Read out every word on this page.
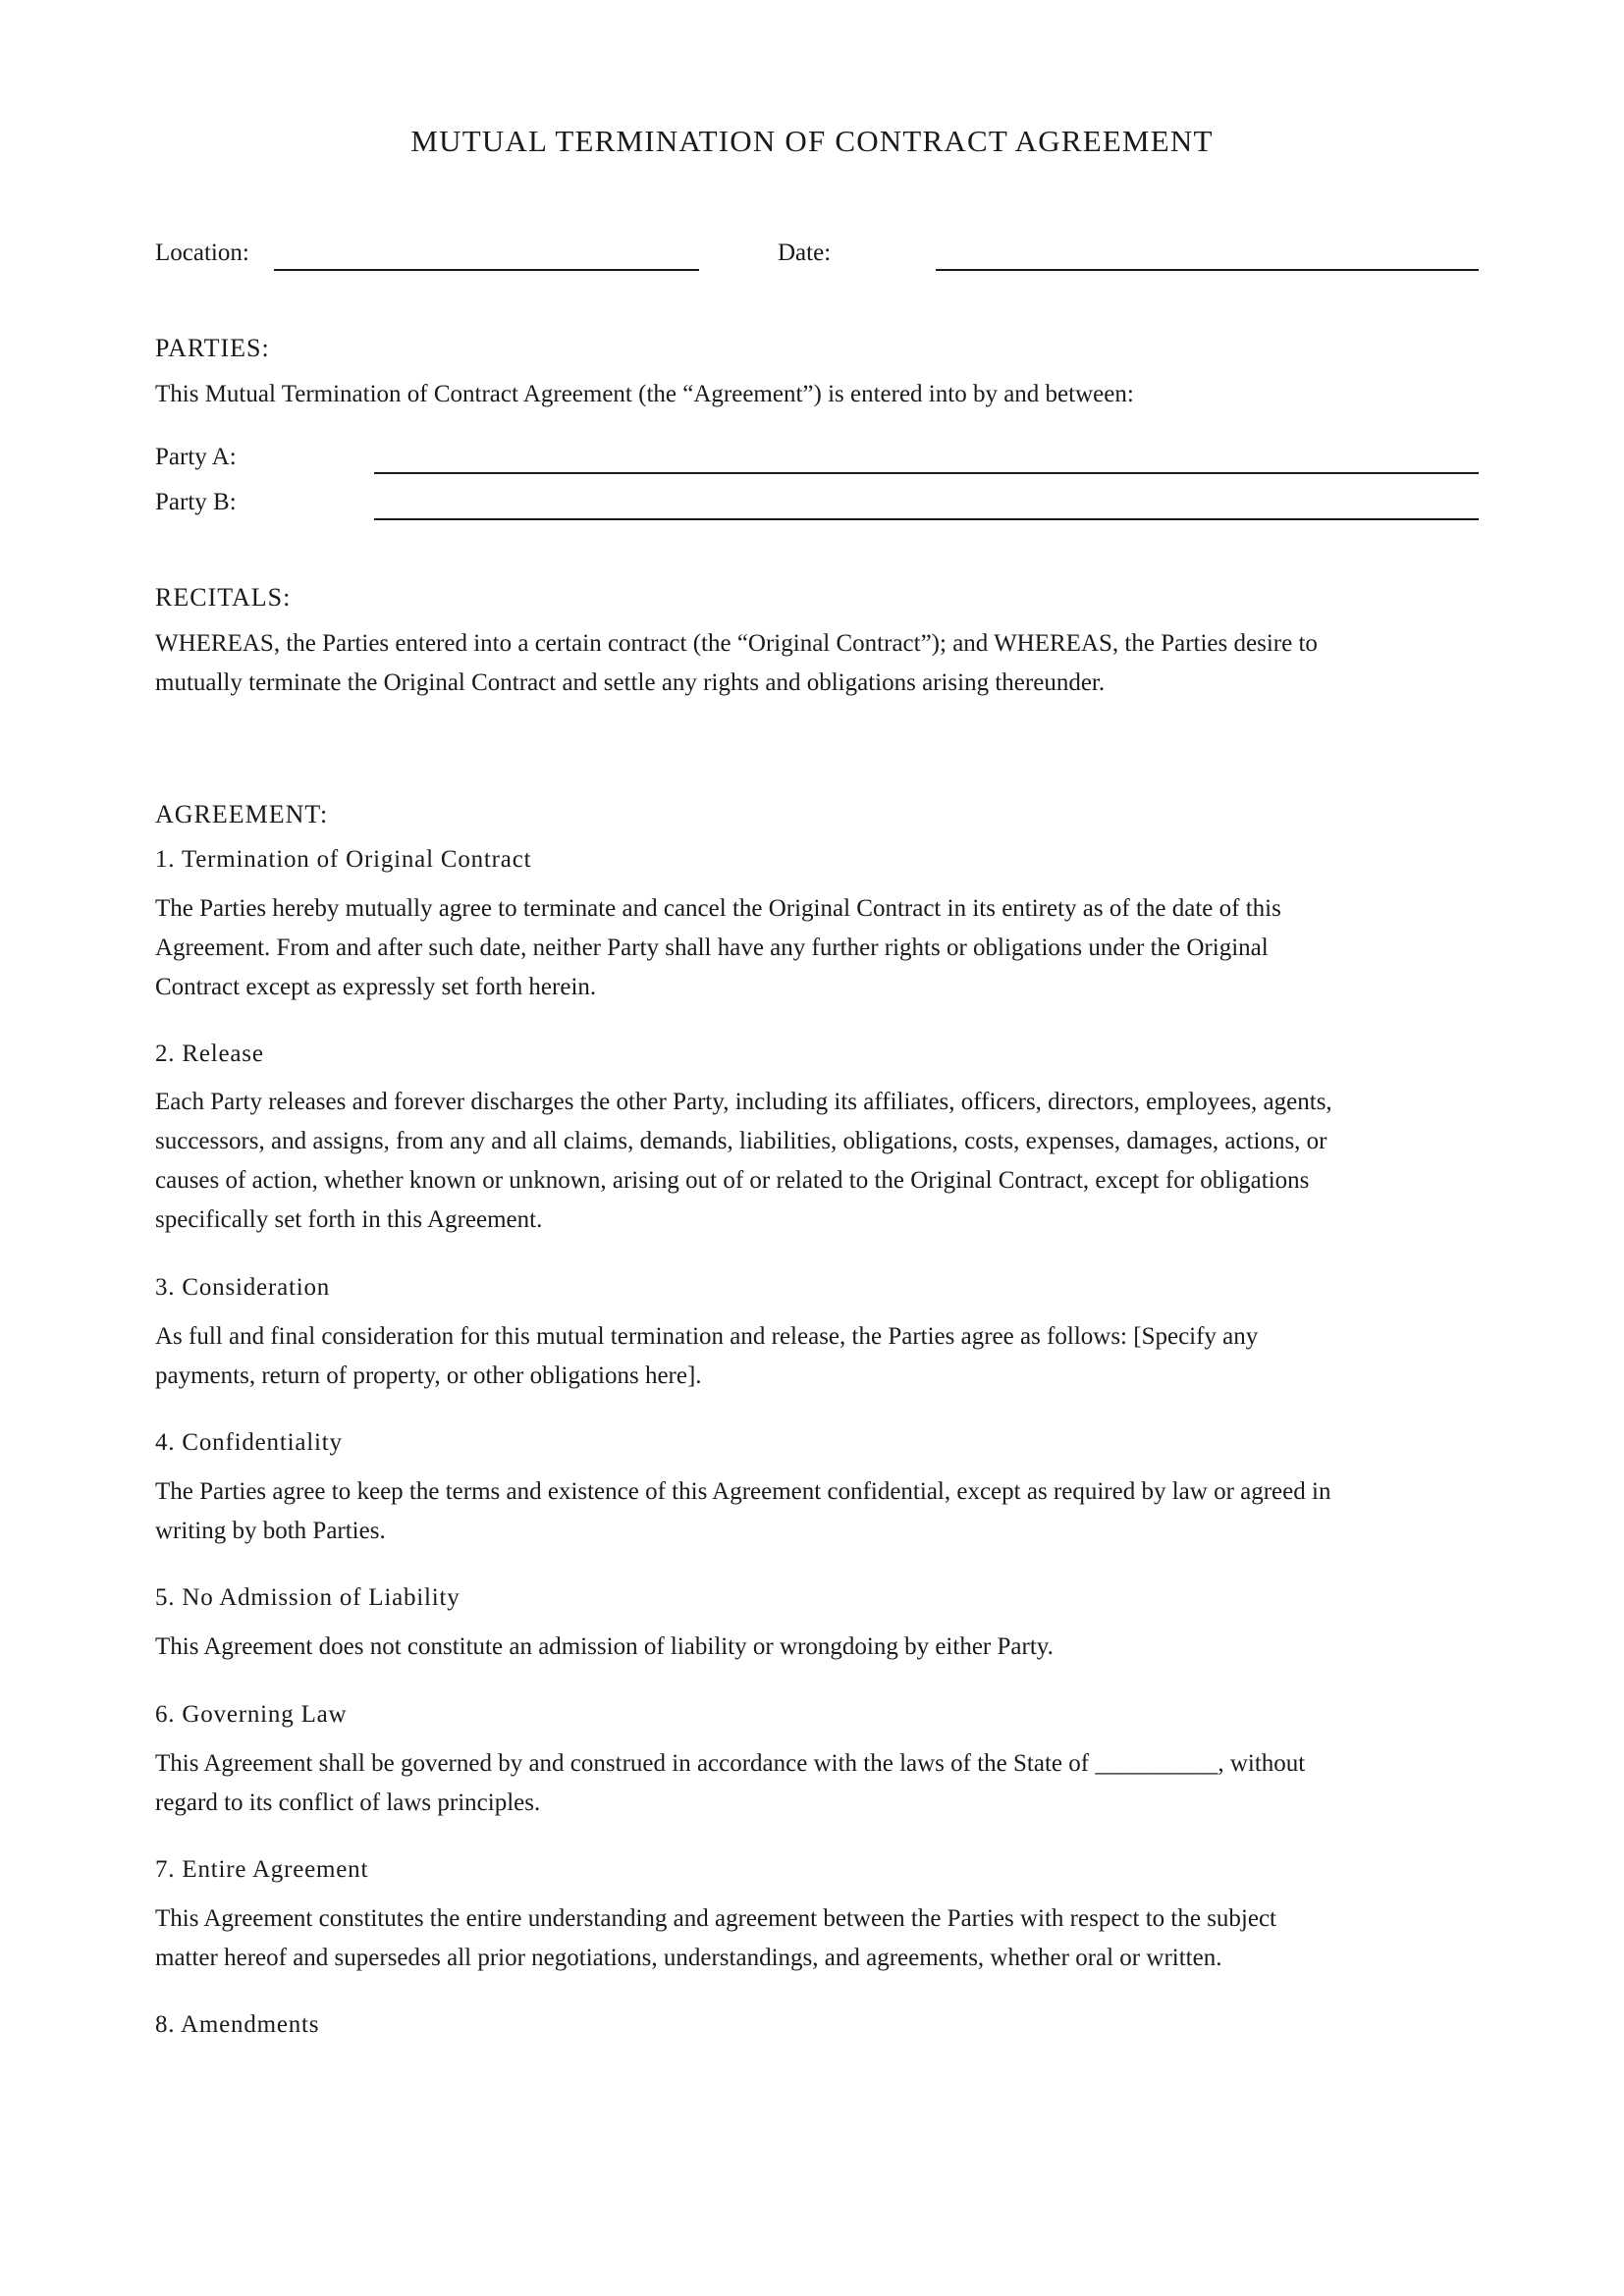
MUTUAL TERMINATION OF CONTRACT AGREEMENT
Location:	Date:
PARTIES:
This Mutual Termination of Contract Agreement (the “Agreement”) is entered into by and between:
Party A:
Party B:
RECITALS:
WHEREAS, the Parties entered into a certain contract (the “Original Contract”); and WHEREAS, the Parties desire to
mutually terminate the Original Contract and settle any rights and obligations arising thereunder.
AGREEMENT:
1. Termination of Original Contract
The Parties hereby mutually agree to terminate and cancel the Original Contract in its entirety as of the date of this
Agreement. From and after such date, neither Party shall have any further rights or obligations under the Original
Contract except as expressly set forth herein.
2. Release
Each Party releases and forever discharges the other Party, including its affiliates, officers, directors, employees, agents,
successors, and assigns, from any and all claims, demands, liabilities, obligations, costs, expenses, damages, actions, or
causes of action, whether known or unknown, arising out of or related to the Original Contract, except for obligations
specifically set forth in this Agreement.
3. Consideration
As full and final consideration for this mutual termination and release, the Parties agree as follows: [Specify any
payments, return of property, or other obligations here].
4. Confidentiality
The Parties agree to keep the terms and existence of this Agreement confidential, except as required by law or agreed in
writing by both Parties.
5. No Admission of Liability
This Agreement does not constitute an admission of liability or wrongdoing by either Party.
6. Governing Law
This Agreement shall be governed by and construed in accordance with the laws of the State of __________, without
regard to its conflict of laws principles.
7. Entire Agreement
This Agreement constitutes the entire understanding and agreement between the Parties with respect to the subject
matter hereof and supersedes all prior negotiations, understandings, and agreements, whether oral or written.
8. Amendments
